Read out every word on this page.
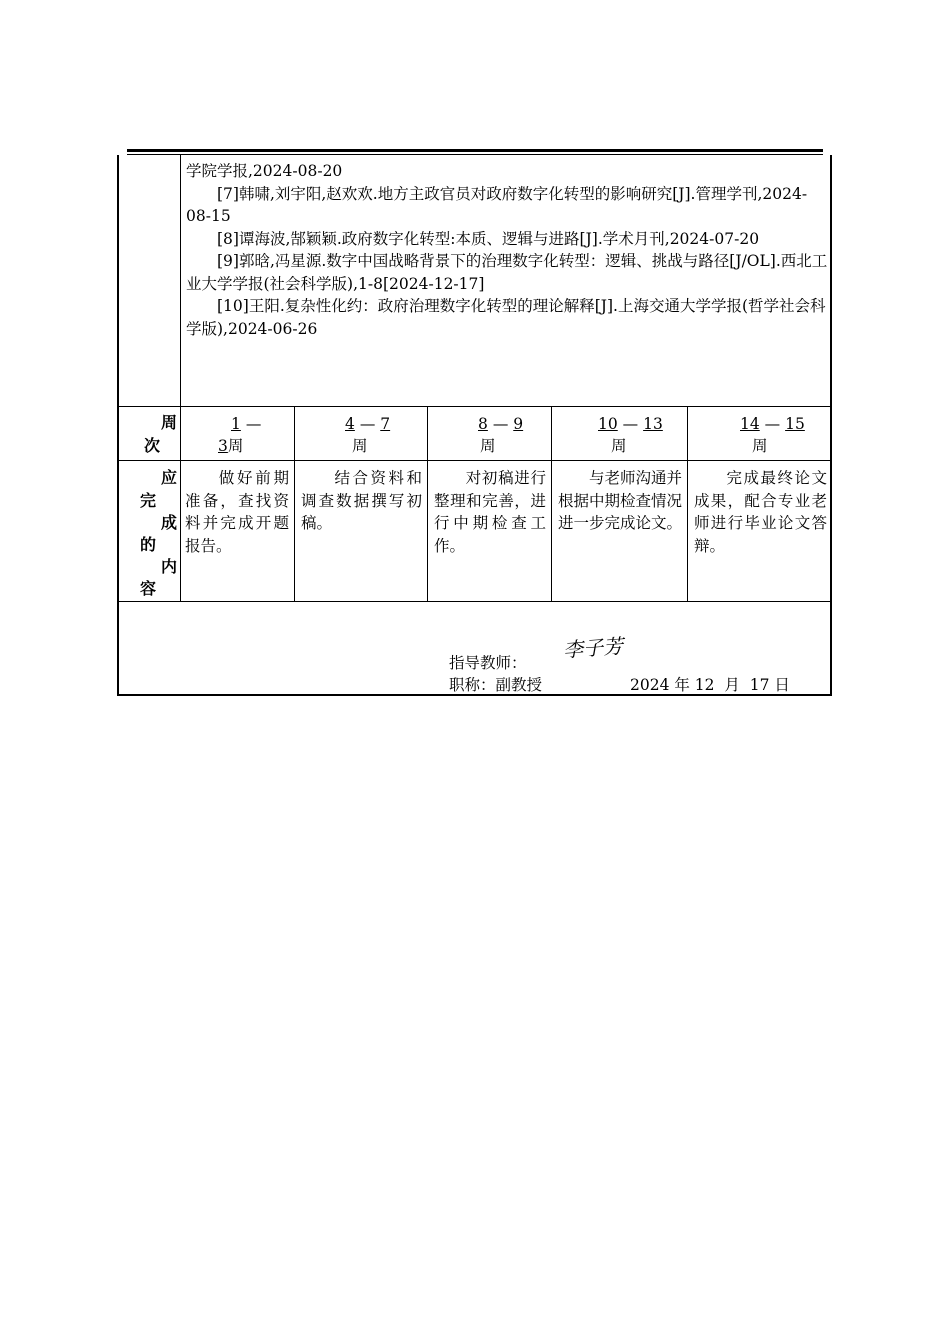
学院学报,2024-08-20

[7]韩啸,刘宇阳,赵欢欢.地方主政官员对政府数字化转型的影响研究[J].管理学刊,2024-08-15

[8]谭海波,郜颖颖.政府数字化转型:本质、逻辑与进路[J].学术月刊,2024-07-20

[9]郭晗,冯星源.数字中国战略背景下的治理数字化转型：逻辑、挑战与路径[J/OL].西北工业大学学报(社会科学版),1-8[2024-12-17]

[10]王阳.复杂性化约：政府治理数字化转型的理论解释[J].上海交通大学学报(哲学社会科学版),2024-06-26

周
次
应
完
成
的
内
容
1 —
3周
4 — 7
周
8 — 9
周
10 — 13
周
14 — 15
周
做好前期准备，查找资料并完成开题报告。
结合资料和调查数据撰写初稿。
对初稿进行整理和完善，进行中期检查工作。
与老师沟通并根据中期检查情况进一步完成论文。
完成最终论文成果，配合专业老师进行毕业论文答辩。
指导教师：
李子芳
职称：副教授	2024 年 12  月  17 日
